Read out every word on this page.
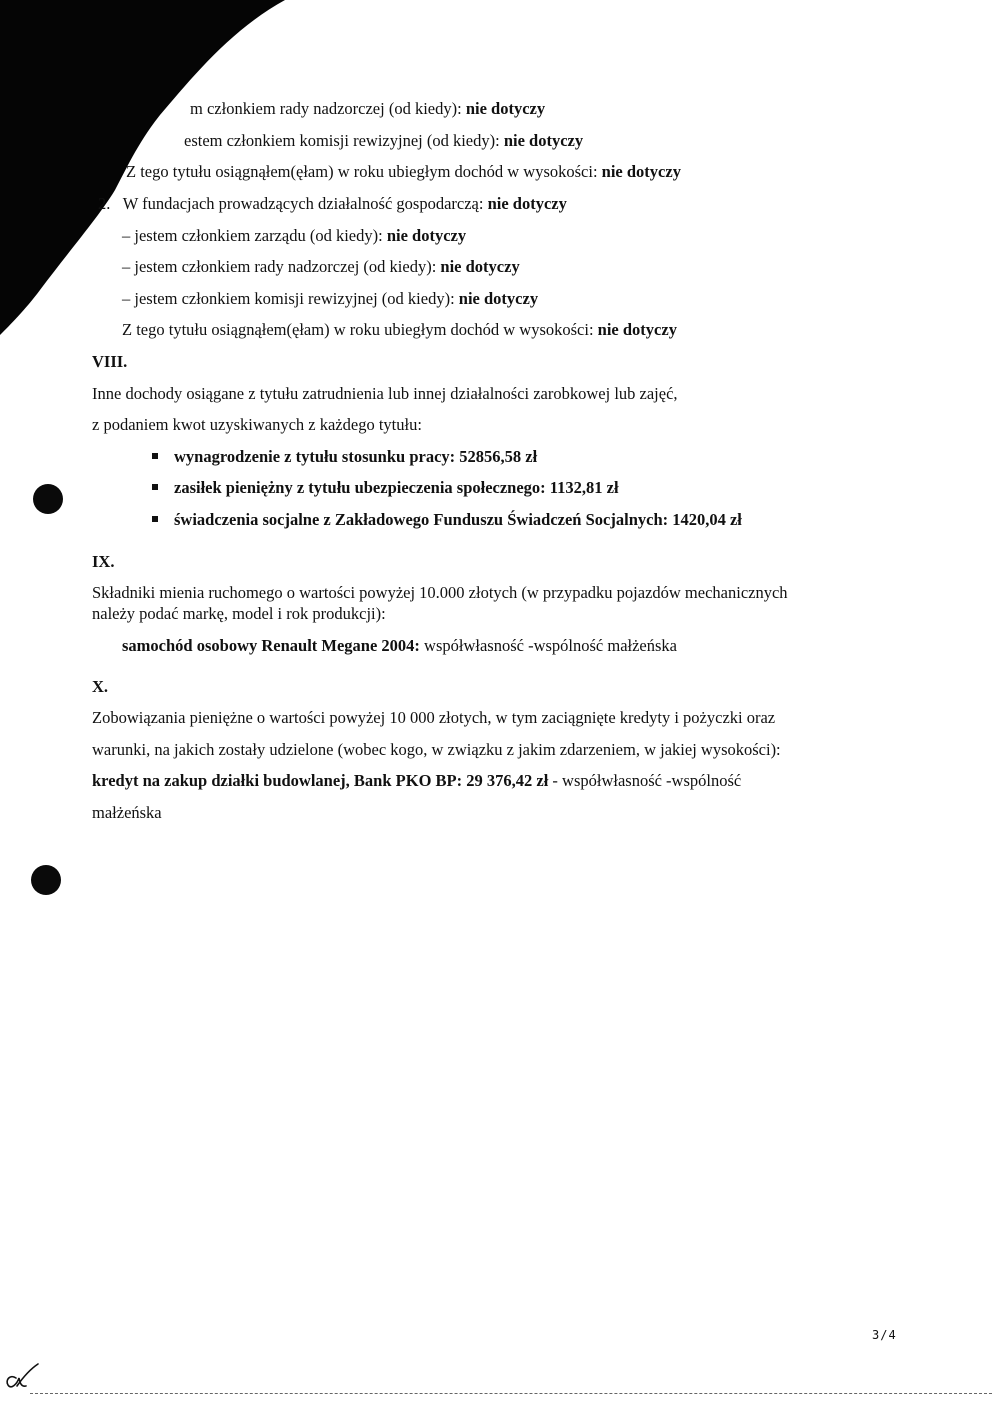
m członkiem rady nadzorczej (od kiedy): nie dotyczy
estem członkiem komisji rewizyjnej (od kiedy): nie dotyczy
Z tego tytułu osiągnąłem(ęłam) w roku ubiegłym dochód w wysokości: nie dotyczy
2. W fundacjach prowadzących działalność gospodarczą: nie dotyczy
– jestem członkiem zarządu (od kiedy): nie dotyczy
– jestem członkiem rady nadzorczej (od kiedy): nie dotyczy
– jestem członkiem komisji rewizyjnej (od kiedy): nie dotyczy
Z tego tytułu osiągnąłem(ęłam) w roku ubiegłym dochód w wysokości: nie dotyczy
VIII.
Inne dochody osiągane z tytułu zatrudnienia lub innej działalności zarobkowej lub zajęć,
z podaniem kwot uzyskiwanych z każdego tytułu:
wynagrodzenie z tytułu stosunku pracy: 52856,58 zł
zasiłek pieniężny z tytułu ubezpieczenia społecznego: 1132,81 zł
świadczenia socjalne z Zakładowego Funduszu Świadczeń Socjalnych: 1420,04 zł
IX.
Składniki mienia ruchomego o wartości powyżej 10.000 złotych (w przypadku pojazdów mechanicznych
należy podać markę, model i rok produkcji):
samochód osobowy Renault Megane 2004: współwłasność -wspólność małżeńska
X.
Zobowiązania pieniężne o wartości powyżej 10 000 złotych, w tym zaciągnięte kredyty i pożyczki oraz
warunki, na jakich zostały udzielone (wobec kogo, w związku z jakim zdarzeniem, w jakiej wysokości):
kredyt na zakup działki budowlanej, Bank PKO BP: 29 376,42 zł - współwłasność -wspólność
małżeńska
3/4
